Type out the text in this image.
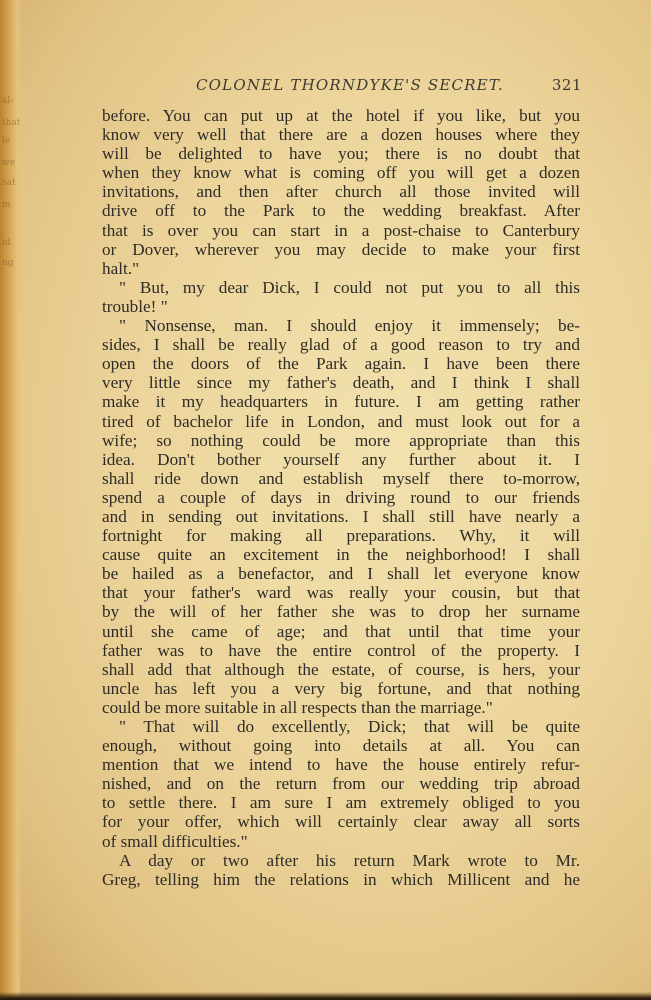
al-
that
le
we
sat
m
id
ng
COLONEL THORNDYKE'S SECRET.	321
before. You can put up at the hotel if you like, but you
know very well that there are a dozen houses where they
will be delighted to have you; there is no doubt that
when they know what is coming off you will get a dozen
invitations, and then after church all those invited will
drive off to the Park to the wedding breakfast. After
that is over you can start in a post-chaise to Canterbury
or Dover, wherever you may decide to make your first
halt."
" But, my dear Dick, I could not put you to all this
trouble! "
" Nonsense, man. I should enjoy it immensely; be-
sides, I shall be really glad of a good reason to try and
open the doors of the Park again. I have been there
very little since my father's death, and I think I shall
make it my headquarters in future. I am getting rather
tired of bachelor life in London, and must look out for a
wife; so nothing could be more appropriate than this
idea. Don't bother yourself any further about it. I
shall ride down and establish myself there to-morrow,
spend a couple of days in driving round to our friends
and in sending out invitations. I shall still have nearly a
fortnight for making all preparations. Why, it will
cause quite an excitement in the neighborhood! I shall
be hailed as a benefactor, and I shall let everyone know
that your father's ward was really your cousin, but that
by the will of her father she was to drop her surname
until she came of age; and that until that time your
father was to have the entire control of the property. I
shall add that although the estate, of course, is hers, your
uncle has left you a very big fortune, and that nothing
could be more suitable in all respects than the marriage."
" That will do excellently, Dick; that will be quite
enough, without going into details at all. You can
mention that we intend to have the house entirely refur-
nished, and on the return from our wedding trip abroad
to settle there. I am sure I am extremely obliged to you
for your offer, which will certainly clear away all sorts
of small difficulties."
A day or two after his return Mark wrote to Mr.
Greg, telling him the relations in which Millicent and he
